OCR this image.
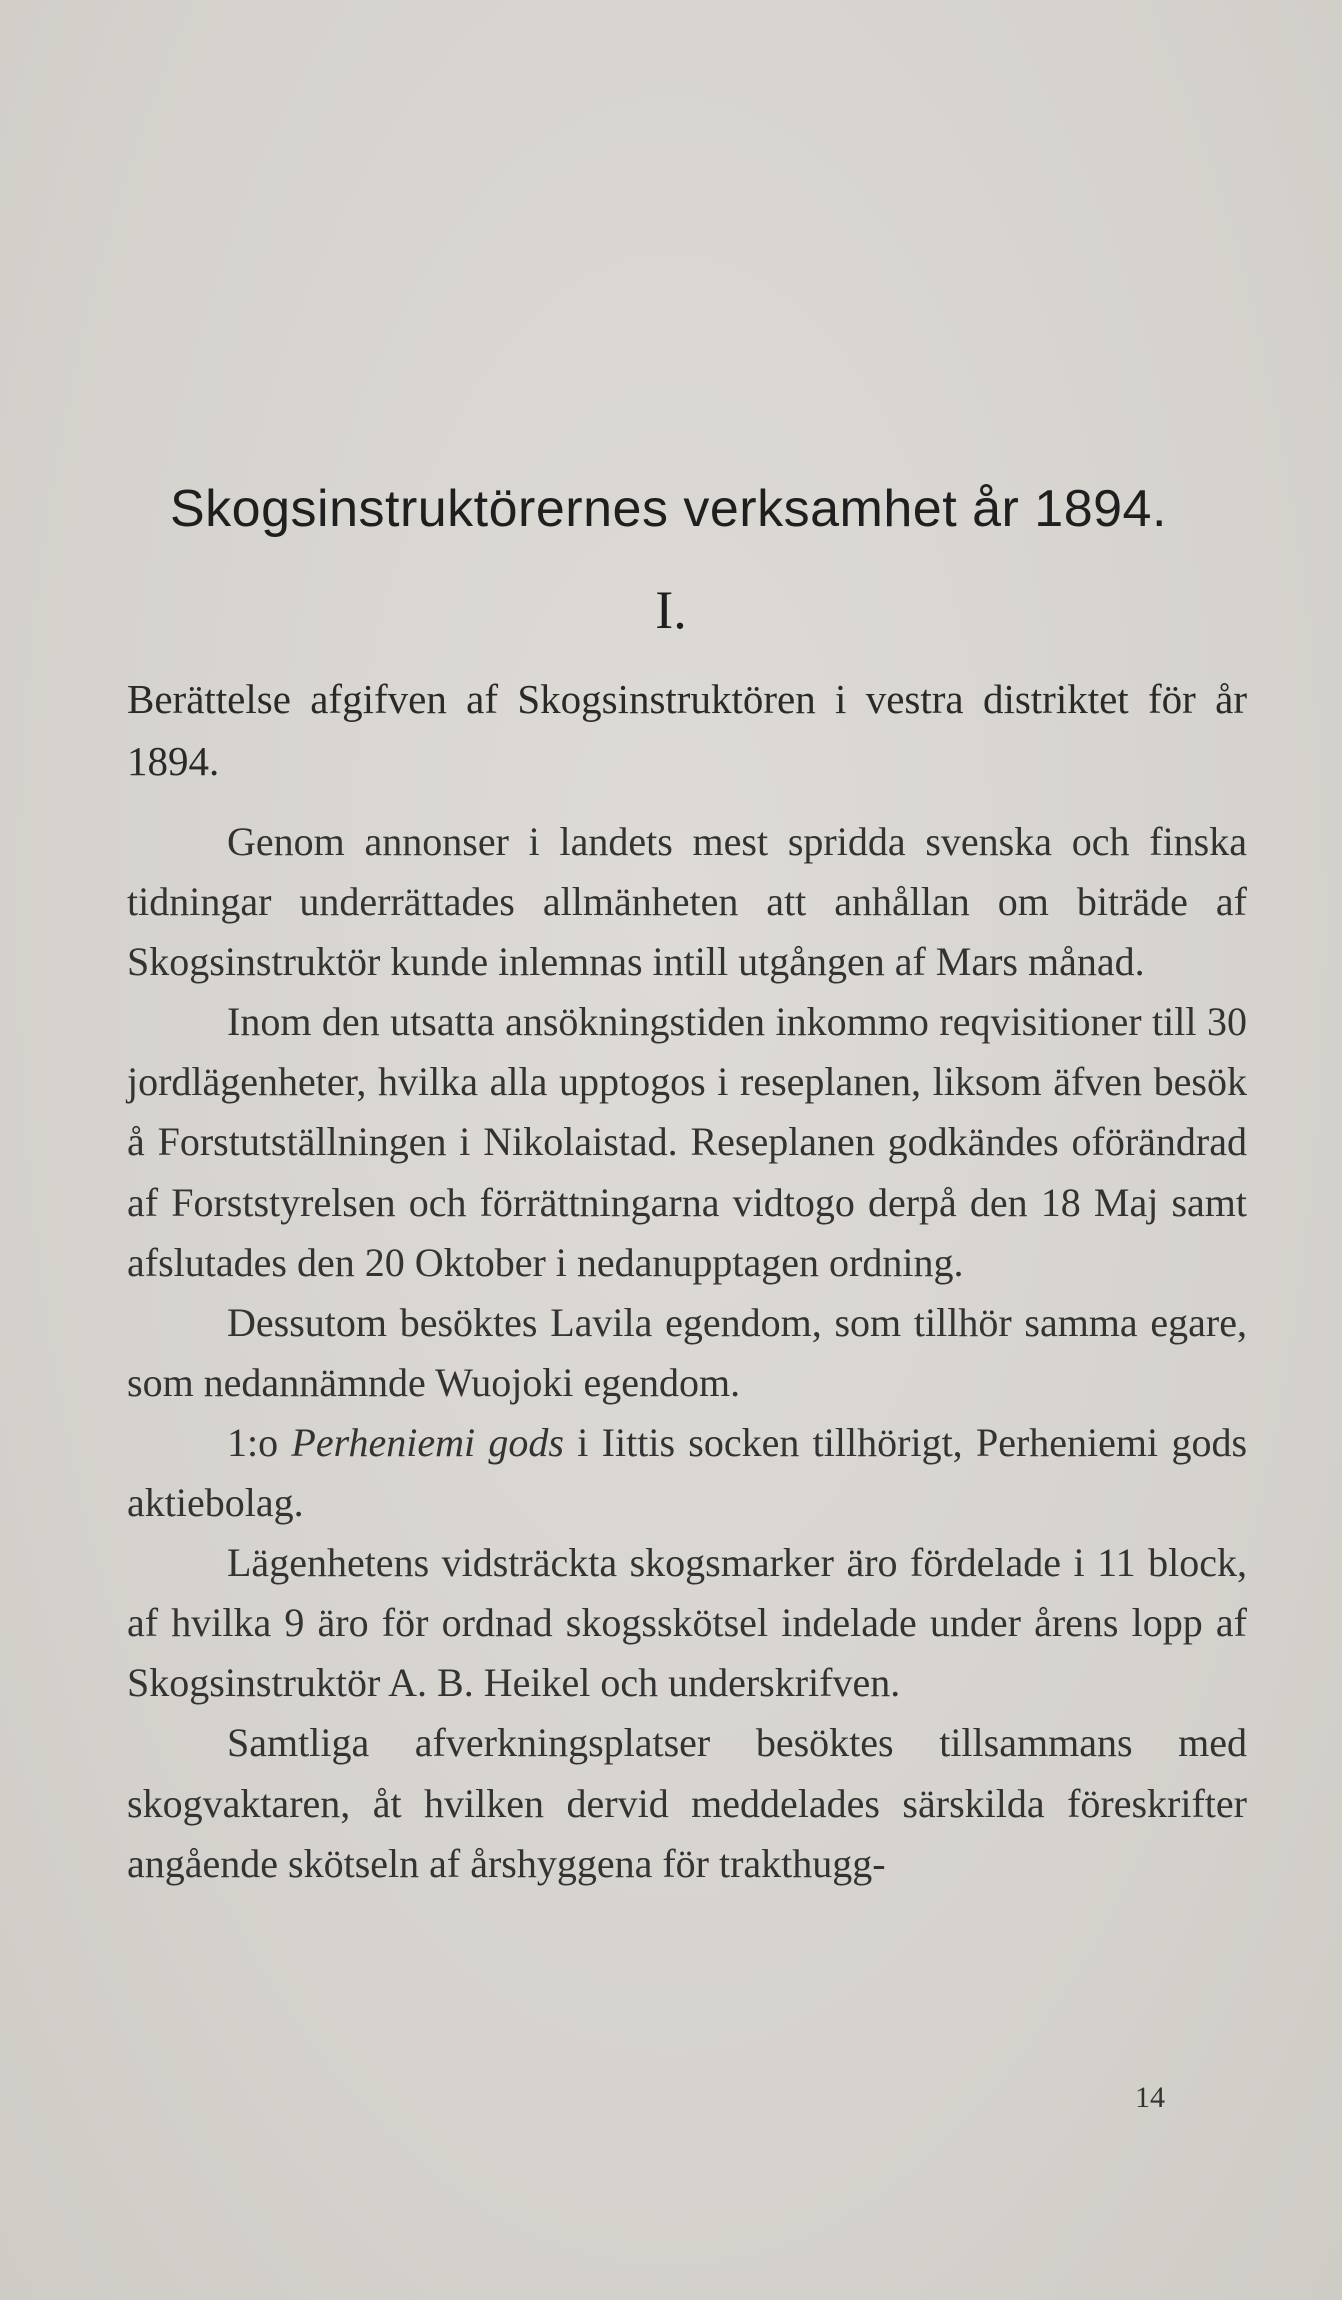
Skogsinstruktörernes verksamhet år 1894.
I.
Berättelse afgifven af Skogsinstruktören i vestra distriktet för år 1894.

Genom annonser i landets mest spridda svenska och finska tidningar underrättades allmänheten att anhållan om biträde af Skogsinstruktör kunde inlemnas intill utgången af Mars månad.

Inom den utsatta ansökningstiden inkommo reqvisitioner till 30 jordlägenheter, hvilka alla upptogos i reseplanen, liksom äfven besök å Forstutställningen i Nikolaistad. Reseplanen godkändes oförändrad af Forststyrelsen och förrättningarna vidtogo derpå den 18 Maj samt afslutades den 20 Oktober i nedanupptagen ordning.

Dessutom besöktes Lavila egendom, som tillhör samma egare, som nedannämnde Wuojoki egendom.

1:o Perheniemi gods i Iittis socken tillhörigt, Perheniemi gods aktiebolag.

Lägenhetens vidsträckta skogsmarker äro fördelade i 11 block, af hvilka 9 äro för ordnad skogsskötsel indelade under årens lopp af Skogsinstruktör A. B. Heikel och underskrifven.

Samtliga afverkningsplatser besöktes tillsammans med skogvaktaren, åt hvilken dervid meddelades särskilda föreskrifter angående skötseln af årshyggena för trakthugg-

14
